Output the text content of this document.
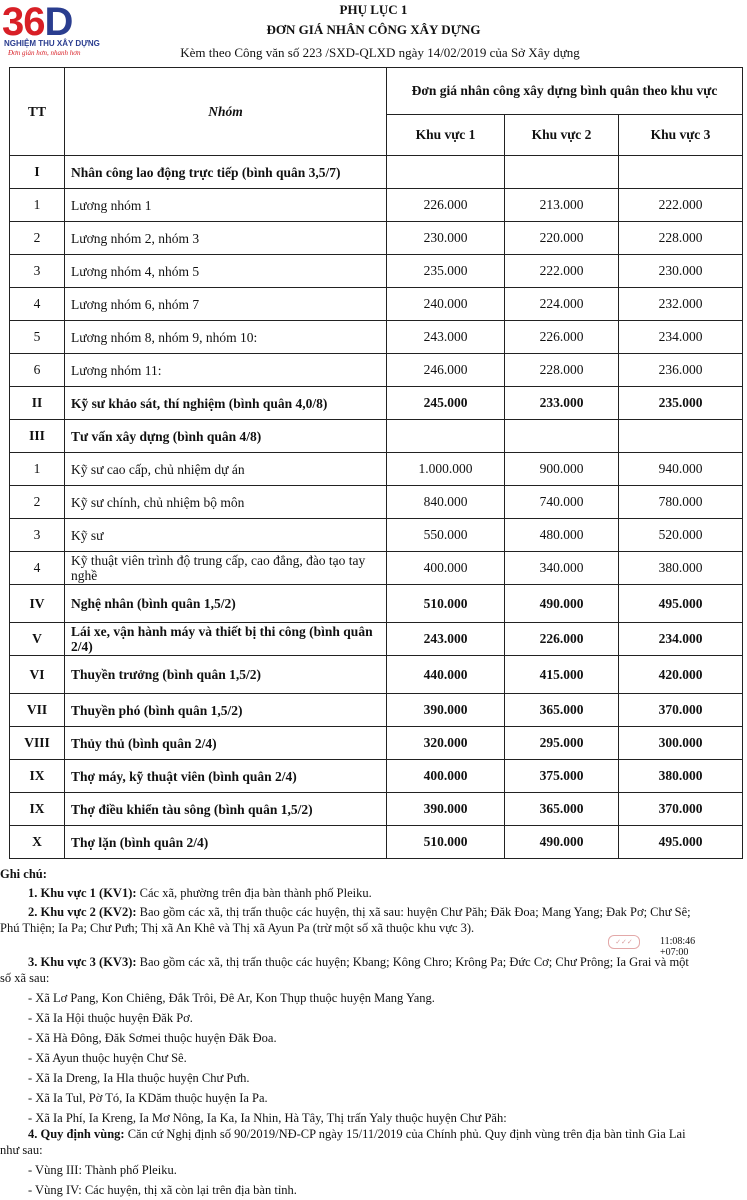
36D
NGHIỆM THU XÂY DỰNG
Đơn giản hơn, nhanh hơn
PHỤ LỤC 1
ĐƠN GIÁ NHÂN CÔNG XÂY DỰNG
Kèm theo Công văn số 223 /SXD-QLXD ngày 14/02/2019 của Sở Xây dựng
TT	Nhóm	Đơn giá nhân công xây dựng bình quân theo khu vực		
		Khu vực 1	Khu vực 2	Khu vực 3
I	Nhân công lao động trực tiếp (bình quân 3,5/7)			
1	Lương nhóm 1	226.000	213.000	222.000
2	Lương nhóm 2, nhóm 3	230.000	220.000	228.000
3	Lương nhóm 4, nhóm 5	235.000	222.000	230.000
4	Lương nhóm 6, nhóm 7	240.000	224.000	232.000
5	Lương nhóm 8, nhóm 9, nhóm 10:	243.000	226.000	234.000
6	Lương nhóm 11:	246.000	228.000	236.000
II	Kỹ sư khảo sát, thí nghiệm (bình quân 4,0/8)	245.000	233.000	235.000
III	Tư vấn xây dựng (bình quân 4/8)			
1	Kỹ sư cao cấp, chủ nhiệm dự án	1.000.000	900.000	940.000
2	Kỹ sư chính, chủ nhiệm bộ môn	840.000	740.000	780.000
3	Kỹ sư	550.000	480.000	520.000
4	Kỹ thuật viên trình độ trung cấp, cao đẳng, đào tạo tay nghề	400.000	340.000	380.000
IV	Nghệ nhân (bình quân 1,5/2)	510.000	490.000	495.000
V	Lái xe, vận hành máy và thiết bị thi công (bình quân 2/4)	243.000	226.000	234.000
VI	Thuyền trưởng (bình quân 1,5/2)	440.000	415.000	420.000
VII	Thuyền phó (bình quân 1,5/2)	390.000	365.000	370.000
VIII	Thủy thủ (bình quân 2/4)	320.000	295.000	300.000
IX	Thợ máy, kỹ thuật viên (bình quân 2/4)	400.000	375.000	380.000
IX	Thợ điều khiển tàu sông (bình quân 1,5/2)	390.000	365.000	370.000
X	Thợ lặn (bình quân 2/4)	510.000	490.000	495.000
✓✓✓	11:08:46
+07:00

Ghi chú:

1. Khu vực 1 (KV1): Các xã, phường trên địa bàn thành phố Pleiku.

2. Khu vực 2 (KV2): Bao gồm các xã, thị trấn thuộc các huyện, thị xã sau: huyện Chư Păh; Đăk Đoa; Mang Yang; Đak Pơ; Chư Sê;

Phú Thiện; Ia Pa; Chư Pưh; Thị xã An Khê và Thị xã Ayun Pa (trừ một số xã thuộc khu vực 3).

3. Khu vực 3 (KV3): Bao gồm các xã, thị trấn thuộc các huyện; Kbang; Kông Chro; Krông Pa; Đức Cơ; Chư Prông; Ia Grai và một

số xã sau:

- Xã Lơ Pang, Kon Chiêng, Đắk Trôi, Đê Ar, Kon Thụp thuộc huyện Mang Yang.

- Xã Ia Hội thuộc huyện Đăk Pơ.

- Xã Hà Đông, Đăk Sơmei thuộc huyện Đăk Đoa.

- Xã Ayun thuộc huyện Chư Sê.

- Xã Ia Dreng, Ia Hla thuộc huyện Chư Pưh.

- Xã Ia Tul, Pờ Tó, Ia KDăm thuộc huyện Ia Pa.

- Xã Ia Phí, Ia Kreng, Ia Mơ Nông, Ia Ka, Ia Nhin, Hà Tây, Thị trấn Yaly thuộc huyện Chư Păh:

4. Quy định vùng: Căn cứ Nghị định số 90/2019/NĐ-CP ngày 15/11/2019 của Chính phủ. Quy định vùng trên địa bàn tỉnh Gia Lai

như sau:

- Vùng III: Thành phố Pleiku.

- Vùng IV: Các huyện, thị xã còn lại trên địa bàn tỉnh.
